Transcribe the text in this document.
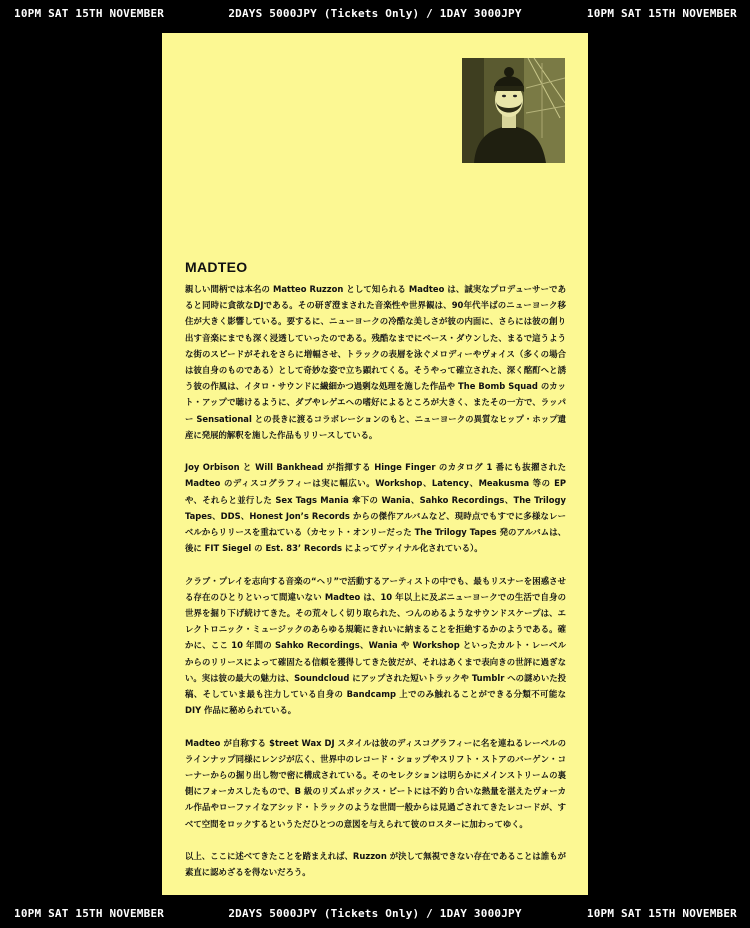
10PM SAT 15TH NOVEMBER	2DAYS 5000JPY (Tickets Only) / 1DAY 3000JPY	10PM SAT 15TH NOVEMBER
MADTEO

親しい間柄では本名の Matteo Ruzzon として知られる Madteo は、誠実なプロデューサーであると同時に貪欲なDJである。その研ぎ澄まされた音楽性や世界観は、90年代半ばのニューヨーク移住が大きく影響している。要するに、ニューヨークの冷酷な美しさが彼の内面に、さらには彼の創り出す音楽にまでも深く浸透していったのである。残酷なまでにベース・ダウンした、まるで這うような街のスピードがそれをさらに増幅させ、トラックの表層を泳ぐメロディーやヴォイス（多くの場合は彼自身のものである）として奇妙な姿で立ち顕れてくる。そうやって確立された、深く酩酊へと誘う彼の作風は、イタロ・サウンドに繊細かつ過剰な処理を施した作品や The Bomb Squad のカット・アップで聴けるように、ダブやレゲエへの嗜好によるところが大きく、またその一方で、ラッパー Sensational との長きに渡るコラボレーションのもと、ニューヨークの異質なヒップ・ホップ遺産に発展的解釈を施した作品もリリースしている。

Joy Orbison と Will Bankhead が指揮する Hinge Finger のカタログ 1 番にも抜擢された Madteo のディスコグラフィーは実に幅広い。Workshop、Latency、Meakusma 等の EP や、それらと並行した Sex Tags Mania 傘下の Wania、Sahko Recordings、The Trilogy Tapes、DDS、Honest Jon’s Records からの傑作アルバムなど、現時点でもすでに多様なレーベルからリリースを重ねている（カセット・オンリーだった The Trilogy Tapes 発のアルバムは、後に FIT Siegel の Est. 83’ Records によってヴァイナル化されている）。

クラブ・プレイを志向する音楽の“ヘリ”で活動するアーティストの中でも、最もリスナーを困惑させる存在のひとりといって間違いない Madteo は、10 年以上に及ぶニューヨークでの生活で自身の世界を掘り下げ続けてきた。その荒々しく切り取られた、つんのめるようなサウンドスケープは、エレクトロニック・ミュージックのあらゆる規範にきれいに納まることを拒絶するかのようである。確かに、ここ 10 年間の Sahko Recordings、Wania や Workshop といったカルト・レーベルからのリリースによって確固たる信頼を獲得してきた彼だが、それはあくまで表向きの世評に過ぎない。実は彼の最大の魅力は、Soundcloud にアップされた短いトラックや Tumblr への謎めいた投稿、そしていま最も注力している自身の Bandcamp 上でのみ触れることができる分類不可能な DIY 作品に秘められている。

Madteo が自称する $treet Wax DJ スタイルは彼のディスコグラフィーに名を連ねるレーベルのラインナップ同様にレンジが広く、世界中のレコード・ショップやスリフト・ストアのバーゲン・コーナーからの掘り出し物で密に構成されている。そのセレクションは明らかにメインストリームの裏側にフォーカスしたもので、B 級のリズムボックス・ビートには不釣り合いな熱量を湛えたヴォーカル作品やローファイなアシッド・トラックのような世間一般からは見過ごされてきたレコードが、すべて空間をロックするというただひとつの意図を与えられて彼のロスターに加わってゆく。

以上、ここに述べてきたことを踏まえれば、Ruzzon が決して無視できない存在であることは誰もが素直に認めざるを得ないだろう。

10PM SAT 15TH NOVEMBER	2DAYS 5000JPY (Tickets Only) / 1DAY 3000JPY	10PM SAT 15TH NOVEMBER
